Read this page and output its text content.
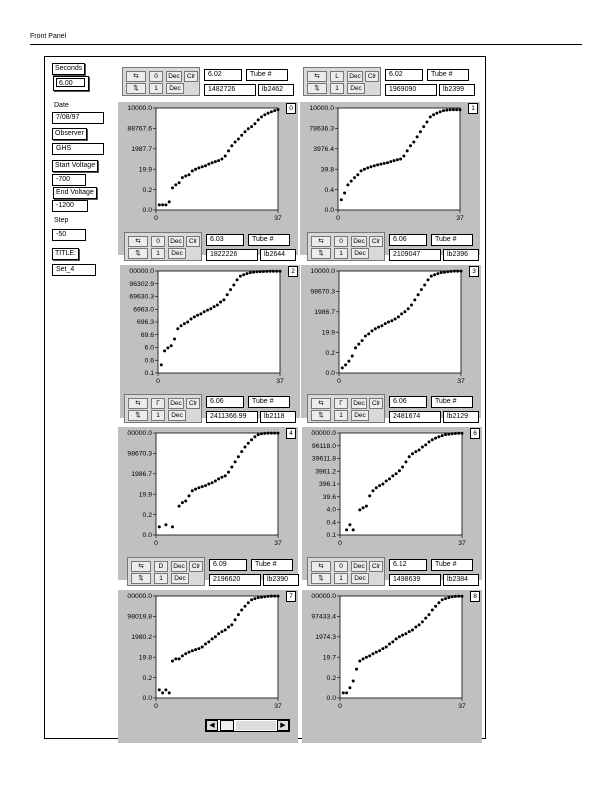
Front Panel
Seconds
6.00
Date
7/08/97
Observer
GHS
Start Voltage
-700
End Voltage
-1200
Step
-50
TITLE:
Set_4
⇆
⇅
0	Dec	Clr
1	Dec
6.02	Tube #
1482726	lb2462
10000.0
88767.6
1987.7
19.9
0.2
0.0
0	37
0
⇆
⇅
L	Dec	Clr
1	Dec
6.02	Tube #
1969090	lb2399
10000.0
78636.3
3976.4
39.8
0.4
0.0
0	37
1
⇆
⇅
0	Dec	Clr
1	Dec
6.03	Tube #
1822226	lb2644
00000.0
96302.9
69630.3
6963.0
696.3
69.6
6.0
0.6
0.1
0	37
2
⇆
⇅
0	Dec	Clr
1	Dec
6.06	Tube #
2109047	lb2396
10000.0
98670.3
1986.7
19.9
0.2
0.0
0	37
3
⇆
⇅
Γ	Dec	Clr
1	Dec
6.06	Tube #
2411366.99	lb2118
00000.0
98670.3
1986.7
19.9
0.2
0.0
0	37
4
⇆
⇅
Γ	Dec	Clr
1	Dec
6.06	Tube #
2481674	lb2129
00000.0
96118.0
39611.8
3961.2
396.1
39.6
4.0
0.4
0.1
0	37
6
⇆
⇅
D	Dec	Clr
1	Dec
6.09	Tube #
2196620	lb2390
00000.0
98019.8
1980.2
19.8
0.2
0.0
0	37
7
⇆
⇅
0	Dec	Clr
1	Dec
6.12	Tube #
1498639	lb2384
00000.0
97433.4
1974.3
19.7
0.2
0.0
0	37
8
◀	▶
